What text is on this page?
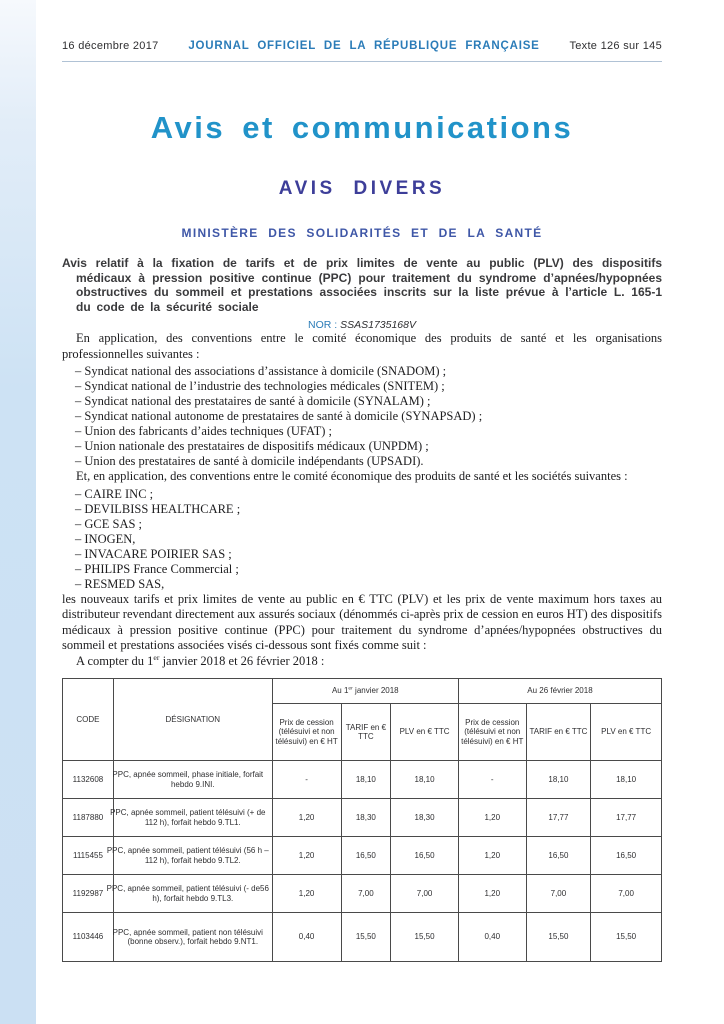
16 décembre 2017	JOURNAL OFFICIEL DE LA RÉPUBLIQUE FRANÇAISE	Texte 126 sur 145
Avis et communications
AVIS DIVERS
MINISTÈRE DES SOLIDARITÉS ET DE LA SANTÉ

Avis relatif à la fixation de tarifs et de prix limites de vente au public (PLV) des dispositifs médicaux à pression positive continue (PPC) pour traitement du syndrome d’apnées/hypopnées obstructives du sommeil et prestations associées inscrits sur la liste prévue à l’article L. 165-1 du code de la sécurité sociale

NOR : SSAS1735168V

En application, des conventions entre le comité économique des produits de santé et les organisations professionnelles suivantes :

– Syndicat national des associations d’assistance à domicile (SNADOM) ;
– Syndicat national de l’industrie des technologies médicales (SNITEM) ;
– Syndicat national des prestataires de santé à domicile (SYNALAM) ;
– Syndicat national autonome de prestataires de santé à domicile (SYNAPSAD) ;
– Union des fabricants d’aides techniques (UFAT) ;
– Union nationale des prestataires de dispositifs médicaux (UNPDM) ;
– Union des prestataires de santé à domicile indépendants (UPSADI).

Et, en application, des conventions entre le comité économique des produits de santé et les sociétés suivantes :

– CAIRE INC ;
– DEVILBISS HEALTHCARE ;
– GCE SAS ;
– INOGEN,
– INVACARE POIRIER SAS ;
– PHILIPS France Commercial ;
– RESMED SAS,

les nouveaux tarifs et prix limites de vente au public en € TTC (PLV) et les prix de vente maximum hors taxes au distributeur revendant directement aux assurés sociaux (dénommés ci-après prix de cession en euros HT) des dispositifs médicaux à pression positive continue (PPC) pour traitement du syndrome d’apnées/hypopnées obstructives du sommeil et prestations associées visés ci-dessous sont fixés comme suit :

A compter du 1er janvier 2018 et 26 février 2018 :

CODE	DÉSIGNATION	Au 1er janvier 2018			Au 26 février 2018		
		Prix de cession (télésuivi et non télésuivi) en € HT	TARIF en € TTC	PLV en € TTC	Prix de cession (télésuivi et non télésuivi) en € HT	TARIF en € TTC	PLV en € TTC
1132608	PPC, apnée sommeil, phase initiale, forfait hebdo 9.INI.	-	18,10	18,10	-	18,10	18,10
1187880	PPC, apnée sommeil, patient télésuivi (+ de 112 h), forfait hebdo 9.TL1.	1,20	18,30	18,30	1,20	17,77	17,77
1115455	PPC, apnée sommeil, patient télésuivi (56 h – 112 h), forfait hebdo 9.TL2.	1,20	16,50	16,50	1,20	16,50	16,50
1192987	PPC, apnée sommeil, patient télésuivi (- de56 h), forfait hebdo 9.TL3.	1,20	7,00	7,00	1,20	7,00	7,00
1103446	PPC, apnée sommeil, patient non télésuivi (bonne observ.), forfait hebdo 9.NT1.	0,40	15,50	15,50	0,40	15,50	15,50
